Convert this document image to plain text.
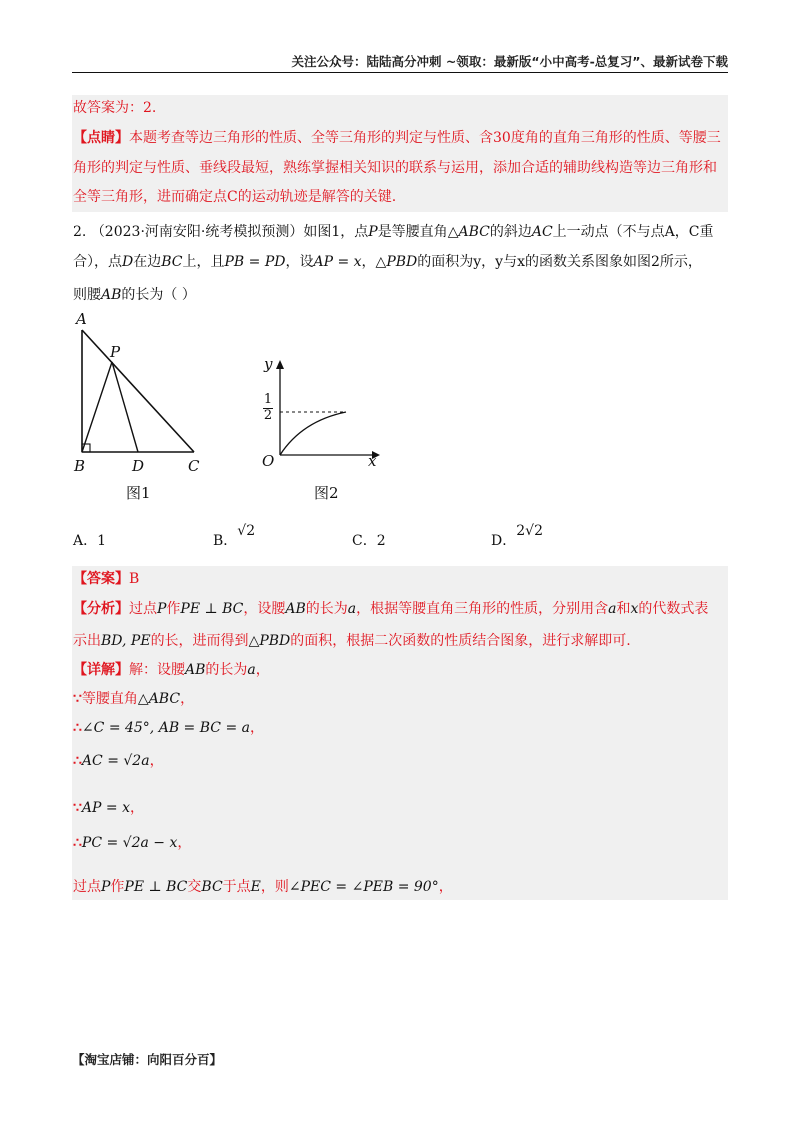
关注公众号：陆陆高分冲刺 ~领取：最新版“小中高考-总复习”、最新试卷下载
故答案为：2.
【点睛】本题考查等边三角形的性质、全等三角形的判定与性质、含30度角的直角三角形的性质、等腰三
角形的判定与性质、垂线段最短，熟练掌握相关知识的联系与运用，添加合适的辅助线构造等边三角形和
全等三角形，进而确定点C的运动轨迹是解答的关键.
2. （2023·河南安阳·统考模拟预测）如图1，点P是等腰直角△ABC的斜边AC上一动点（不与点A，C重
合），点D在边BC上，且PB = PD，设AP = x，△PBD的面积为y，y与x的函数关系图象如图2所示，
则腰AB的长为（ ）
A
P
B	D	C
图1
y
x
O
1
2
图2
A．1	B．√2
C．2	D．2√2
【答案】B
【分析】过点P作PE ⊥ BC，设腰AB的长为a，根据等腰直角三角形的性质，分别用含a和x的代数式表
示出BD, PE的长，进而得到△PBD的面积，根据二次函数的性质结合图象，进行求解即可.
【详解】解：设腰AB的长为a，
∵等腰直角△ABC，
∴∠C = 45°, AB = BC = a，
∴AC = √2a，
∵AP = x，
∴PC = √2a − x，
过点P作PE ⊥ BC交BC于点E，则∠PEC = ∠PEB = 90°，
【淘宝店铺：向阳百分百】
